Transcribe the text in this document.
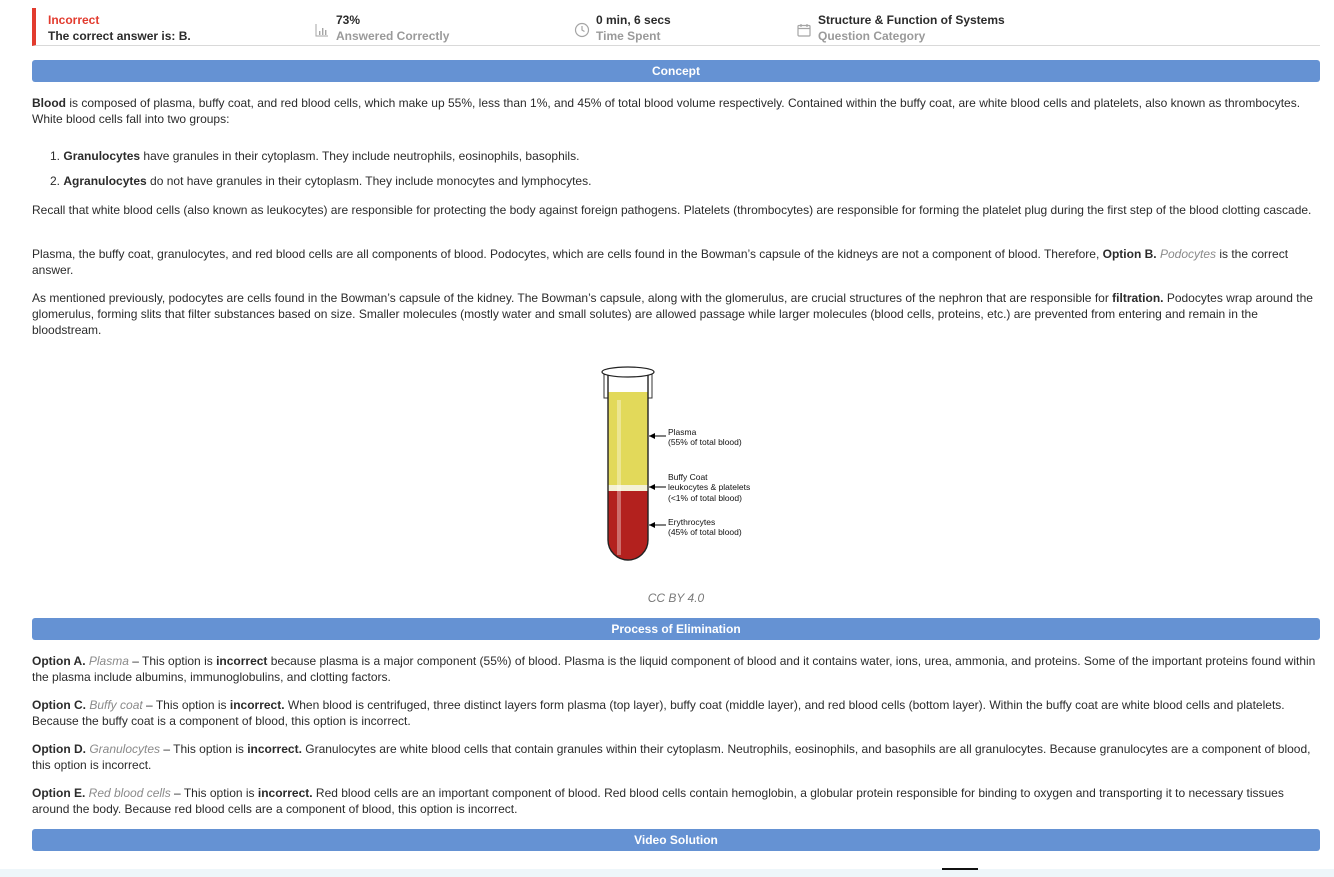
Incorrect
The correct answer is: B.
73%
Answered Correctly
0 min, 6 secs
Time Spent
Structure & Function of Systems
Question Category
Concept

Blood is composed of plasma, buffy coat, and red blood cells, which make up 55%, less than 1%, and 45% of total blood volume respectively. Contained within the buffy coat, are white blood cells and platelets, also known as thrombocytes. White blood cells fall into two groups:

1. Granulocytes have granules in their cytoplasm. They include neutrophils, eosinophils, basophils.
2. Agranulocytes do not have granules in their cytoplasm. They include monocytes and lymphocytes.

Recall that white blood cells (also known as leukocytes) are responsible for protecting the body against foreign pathogens. Platelets (thrombocytes) are responsible for forming the platelet plug during the first step of the blood clotting cascade.

Plasma, the buffy coat, granulocytes, and red blood cells are all components of blood. Podocytes, which are cells found in the Bowman’s capsule of the kidneys are not a component of blood. Therefore, Option B. Podocytes is the correct answer.

As mentioned previously, podocytes are cells found in the Bowman’s capsule of the kidney. The Bowman’s capsule, along with the glomerulus, are crucial structures of the nephron that are responsible for filtration. Podocytes wrap around the glomerulus, forming slits that filter substances based on size. Smaller molecules (mostly water and small solutes) are allowed passage while larger molecules (blood cells, proteins, etc.) are prevented from entering and remain in the bloodstream.

Plasma
(55% of total blood)
Buffy Coat
leukocytes & platelets
(<1% of total blood)
Erythrocytes
(45% of total blood)
CC BY 4.0
Process of Elimination

Option A. Plasma – This option is incorrect because plasma is a major component (55%) of blood. Plasma is the liquid component of blood and it contains water, ions, urea, ammonia, and proteins. Some of the important proteins found within the plasma include albumins, immunoglobulins, and clotting factors.

Option C. Buffy coat – This option is incorrect. When blood is centrifuged, three distinct layers form plasma (top layer), buffy coat (middle layer), and red blood cells (bottom layer). Within the buffy coat are white blood cells and platelets. Because the buffy coat is a component of blood, this option is incorrect.

Option D. Granulocytes – This option is incorrect. Granulocytes are white blood cells that contain granules within their cytoplasm. Neutrophils, eosinophils, and basophils are all granulocytes. Because granulocytes are a component of blood, this option is incorrect.

Option E. Red blood cells – This option is incorrect. Red blood cells are an important component of blood. Red blood cells contain hemoglobin, a globular protein responsible for binding to oxygen and transporting it to necessary tissues around the body. Because red blood cells are a component of blood, this option is incorrect.

Video Solution
